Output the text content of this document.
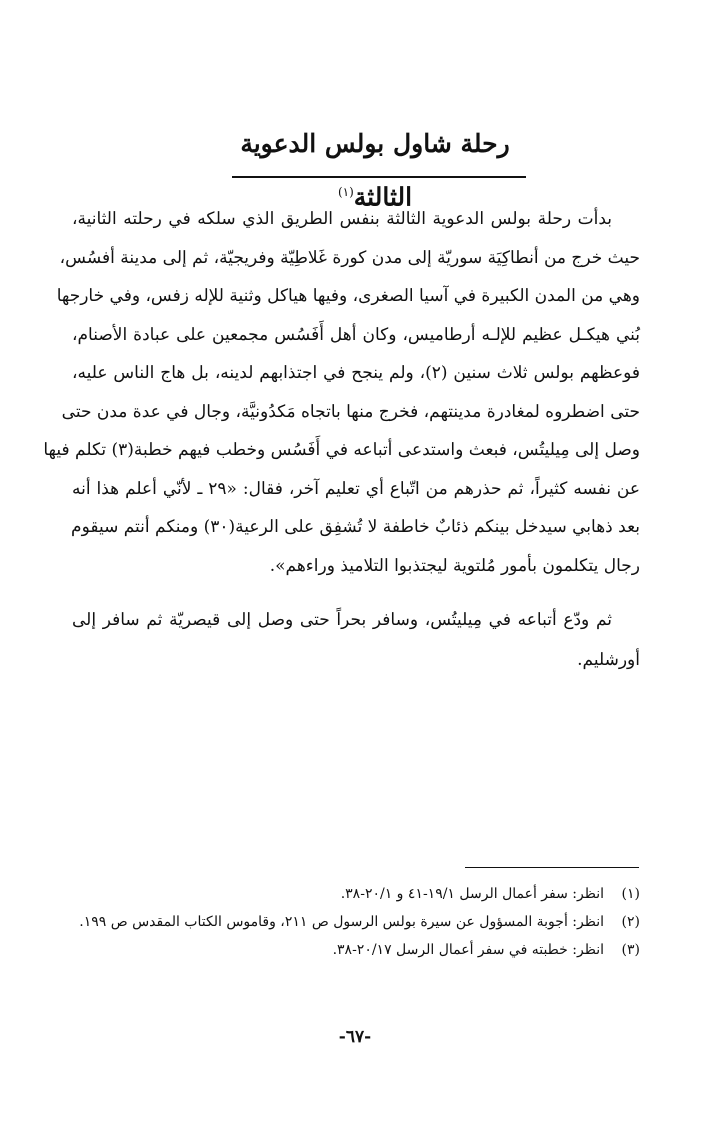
رحلة شاول بولس الدعوية الثالثة$^{(١)}$
بدأت رحلة بولس الدعوية الثالثة بنفس الطريق الذي سلكه في رحلته الثانية،
حيث خرج من أنطاكِيَة سوريّة إلى مدن كورة غَلاطِيّة وفريجيّة، ثم إلى مدينة أفسُس،
وهي من المدن الكبيرة في آسيا الصغرى، وفيها هياكل وثنية للإله زفس، وفي خارجها
بُني هيكـل عظيم للإلـه أرطاميس، وكان أهل أَفَسُس مجمعين على عبادة الأصنام،
فوعظهم بولس ثلاث سنين (٢)، ولم ينجح في اجتذابهم لدينه، بل هاج الناس عليه،
حتى اضطروه لمغادرة مدينتهم، فخرج منها باتجاه مَكدُونيَّة، وجال في عدة مدن حتى
وصل إلى مِيليتُس، فبعث واستدعى أتباعه في أَفَسُس وخطب فيهم خطبة(٣) تكلم فيها
عن نفسه كثيراً، ثم حذرهم من اتّباع أي تعليم آخر، فقال: «٢٩ ـ لأنّي أعلم هذا أنه
بعد ذهابي سيدخل بينكم ذئابٌ خاطفة لا تُشفِق على الرعية(٣٠) ومنكم أنتم سيقوم
رجال يتكلمون بأمور مُلتوية ليجتذبوا التلاميذ وراءهم».
ثم ودّع أتباعه في مِيليتُس، وسافر بحراً حتى وصل إلى قيصريّة ثم سافر إلى
أورشليم.
(١)
انظر: سفر أعمال الرسل ١٩/١-٤١ و ٢٠/١-٣٨.
(٢)
انظر: أجوبة المسؤول عن سيرة بولس الرسول ص ٢١١، وقاموس الكتاب المقدس ص ١٩٩.
(٣)
انظر: خطبته في سفر أعمال الرسل ٢٠/١٧-٣٨.

-٦٧-
